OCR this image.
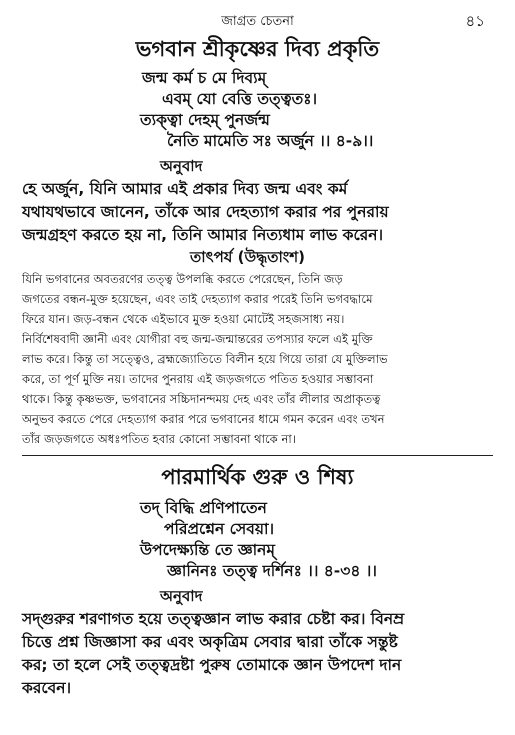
জাগ্রত চেতনা	৪১
ভগবান শ্রীকৃষ্ণের দিব্য প্রকৃতি

জন্ম কর্ম চ মে দিব্যম্

এবম্ যো বেত্তি তত্ত্বতঃ।

ত্যক্ত্বা দেহম্ পুনর্জন্ম

নৈতি মামেতি সঃ অর্জুন ।। ৪-৯।।

অনুবাদ

হে অর্জুন, যিনি আমার এই প্রকার দিব্য জন্ম এবং কর্ম
যথাযথভাবে জানেন, তাঁকে আর দেহত্যাগ করার পর পুনরায়
জন্মগ্রহণ করতে হয় না, তিনি আমার নিত্যধাম লাভ করেন।

তাৎপর্য (উদ্ধৃতাংশ)

যিনি ভগবানের অবতরণের তত্ত্ব উপলব্ধি করতে পেরেছেন, তিনি জড়
জগতের বন্ধন-মুক্ত হয়েছেন, এবং তাই দেহত্যাগ করার পরেই তিনি ভগবদ্ধামে
ফিরে যান। জড়-বন্ধন থেকে এইভাবে মুক্ত হওয়া মোটেই সহজসাধ্য নয়।
নির্বিশেষবাদী জ্ঞানী এবং যোগীরা বহু জন্ম-জন্মান্তরের তপস্যার ফলে এই মুক্তি
লাভ করে। কিন্তু তা সত্ত্বেও, ব্রহ্মজ্যোতিতে বিলীন হয়ে গিয়ে তারা যে মুক্তিলাভ
করে, তা পূর্ণ মুক্তি নয়। তাদের পুনরায় এই জড়জগতে পতিত হওয়ার সম্ভাবনা
থাকে। কিন্তু কৃষ্ণভক্ত, ভগবানের সচ্চিদানন্দময় দেহ এবং তাঁর লীলার অপ্রাকৃতত্ব
অনুভব করতে পেরে দেহত্যাগ করার পরে ভগবানের ধামে গমন করেন এবং তখন
তাঁর জড়জগতে অধঃপতিত হবার কোনো সম্ভাবনা থাকে না।

পারমার্থিক গুরু ও শিষ্য

তদ্ বিদ্ধি প্রণিপাতেন

পরিপ্রশ্নেন সেবয়া।

উপদেক্ষ্যন্তি তে জ্ঞানম্

জ্ঞানিনঃ তত্ত্ব দর্শিনঃ ।। ৪-৩৪ ।।

অনুবাদ

সদ্‌গুরুর শরণাগত হয়ে তত্ত্বজ্ঞান লাভ করার চেষ্টা কর। বিনম্র
চিত্তে প্রশ্ন জিজ্ঞাসা কর এবং অকৃত্রিম সেবার দ্বারা তাঁকে সন্তুষ্ট
কর; তা হলে সেই তত্ত্বদ্রষ্টা পুরুষ তোমাকে জ্ঞান উপদেশ দান
করবেন।
